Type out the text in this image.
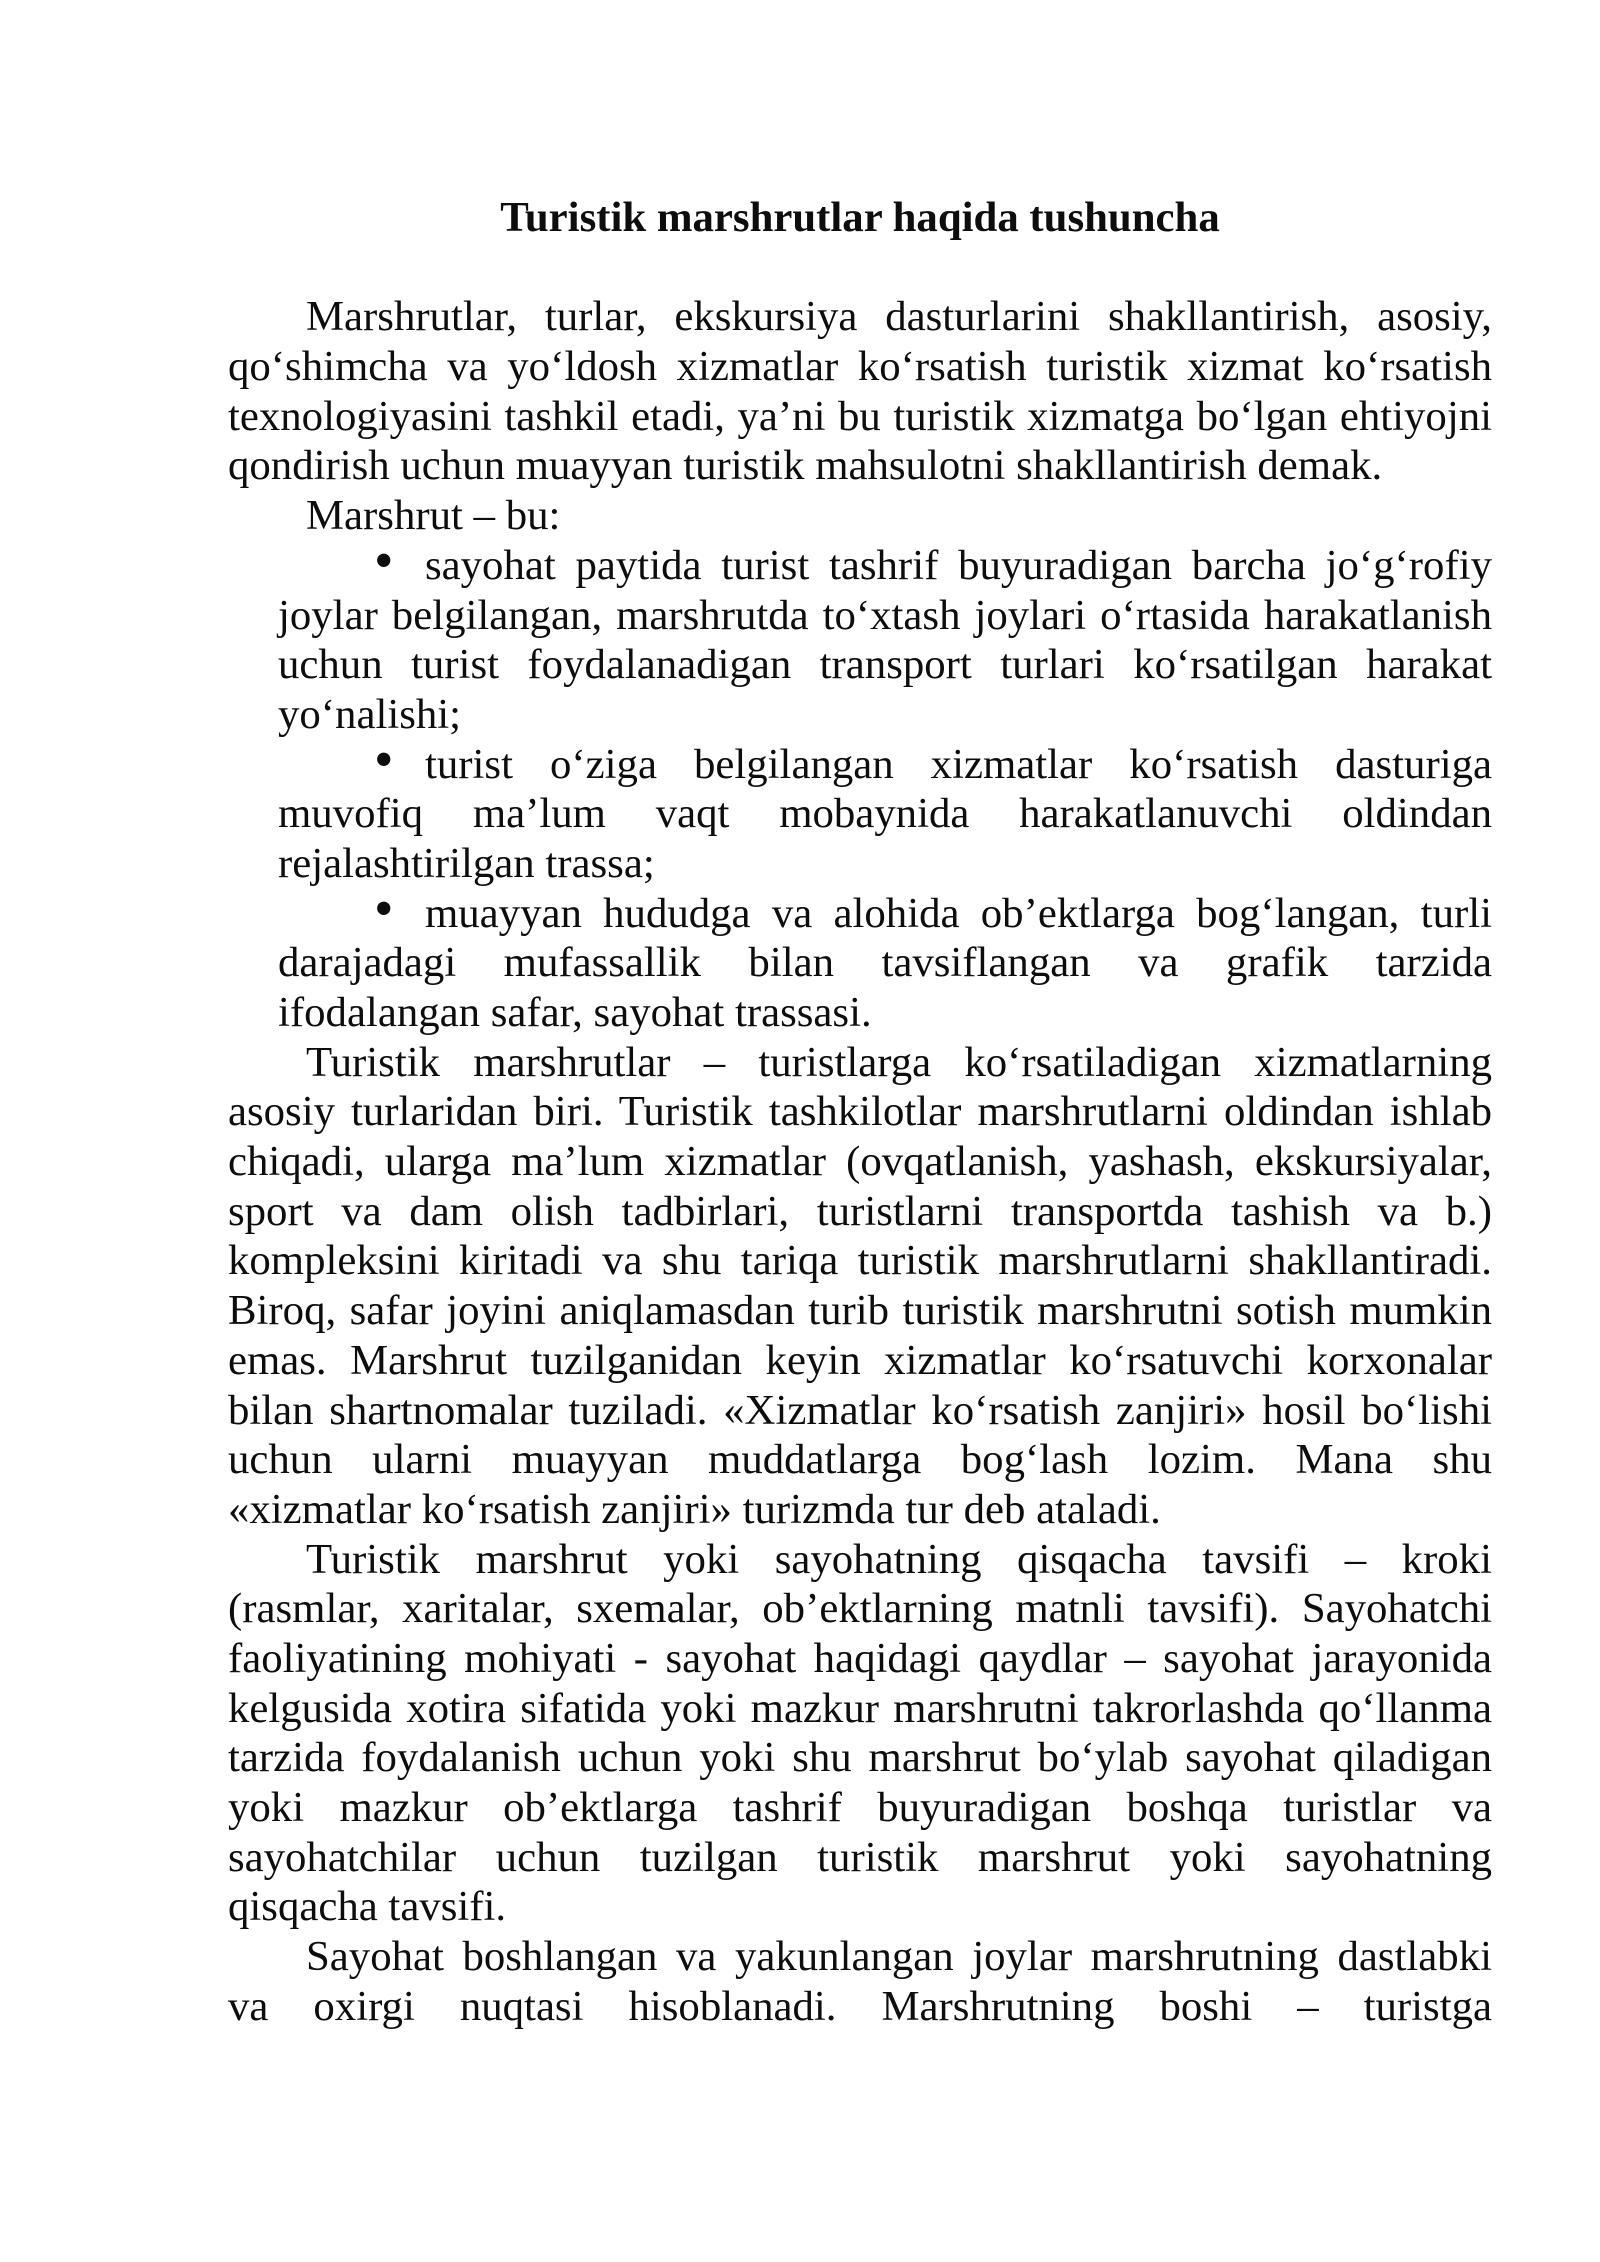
Turistik marshrutlar haqida tushuncha
Marshrutlar, turlar, ekskursiya dasturlarini shakllantirish, asosiy,
qo‘shimcha va yo‘ldosh xizmatlar ko‘rsatish turistik xizmat ko‘rsatish
texnologiyasini tashkil etadi, ya’ni bu turistik xizmatga bo‘lgan ehtiyojni
qondirish uchun muayyan turistik mahsulotni shakllantirish demak.
Marshrut – bu:
• sayohat paytida turist tashrif buyuradigan barcha jo‘g‘rofiy
joylar belgilangan, marshrutda to‘xtash joylari o‘rtasida harakatlanish
uchun turist foydalanadigan transport turlari ko‘rsatilgan harakat
yo‘nalishi;
• turist o‘ziga belgilangan xizmatlar ko‘rsatish dasturiga
muvofiq ma’lum vaqt mobaynida harakatlanuvchi oldindan
rejalashtirilgan trassa;
• muayyan hududga va alohida ob’ektlarga bog‘langan, turli
darajadagi mufassallik bilan tavsiflangan va grafik tarzida
ifodalangan safar, sayohat trassasi.
Turistik marshrutlar – turistlarga ko‘rsatiladigan xizmatlarning
asosiy turlaridan biri. Turistik tashkilotlar marshrutlarni oldindan ishlab
chiqadi, ularga ma’lum xizmatlar (ovqatlanish, yashash, ekskursiyalar,
sport va dam olish tadbirlari, turistlarni transportda tashish va b.)
kompleksini kiritadi va shu tariqa turistik marshrutlarni shakllantiradi.
Biroq, safar joyini aniqlamasdan turib turistik marshrutni sotish mumkin
emas. Marshrut tuzilganidan keyin xizmatlar ko‘rsatuvchi korxonalar
bilan shartnomalar tuziladi. «Xizmatlar ko‘rsatish zanjiri» hosil bo‘lishi
uchun ularni muayyan muddatlarga bog‘lash lozim. Mana shu
«xizmatlar ko‘rsatish zanjiri» turizmda tur deb ataladi.
Turistik marshrut yoki sayohatning qisqacha tavsifi – kroki
(rasmlar, xaritalar, sxemalar, ob’ektlarning matnli tavsifi). Sayohatchi
faoliyatining mohiyati - sayohat haqidagi qaydlar – sayohat jarayonida
kelgusida xotira sifatida yoki mazkur marshrutni takrorlashda qo‘llanma
tarzida foydalanish uchun yoki shu marshrut bo‘ylab sayohat qiladigan
yoki mazkur ob’ektlarga tashrif buyuradigan boshqa turistlar va
sayohatchilar uchun tuzilgan turistik marshrut yoki sayohatning
qisqacha tavsifi.
Sayohat boshlangan va yakunlangan joylar marshrutning dastlabki
va oxirgi nuqtasi hisoblanadi. Marshrutning boshi – turistga
